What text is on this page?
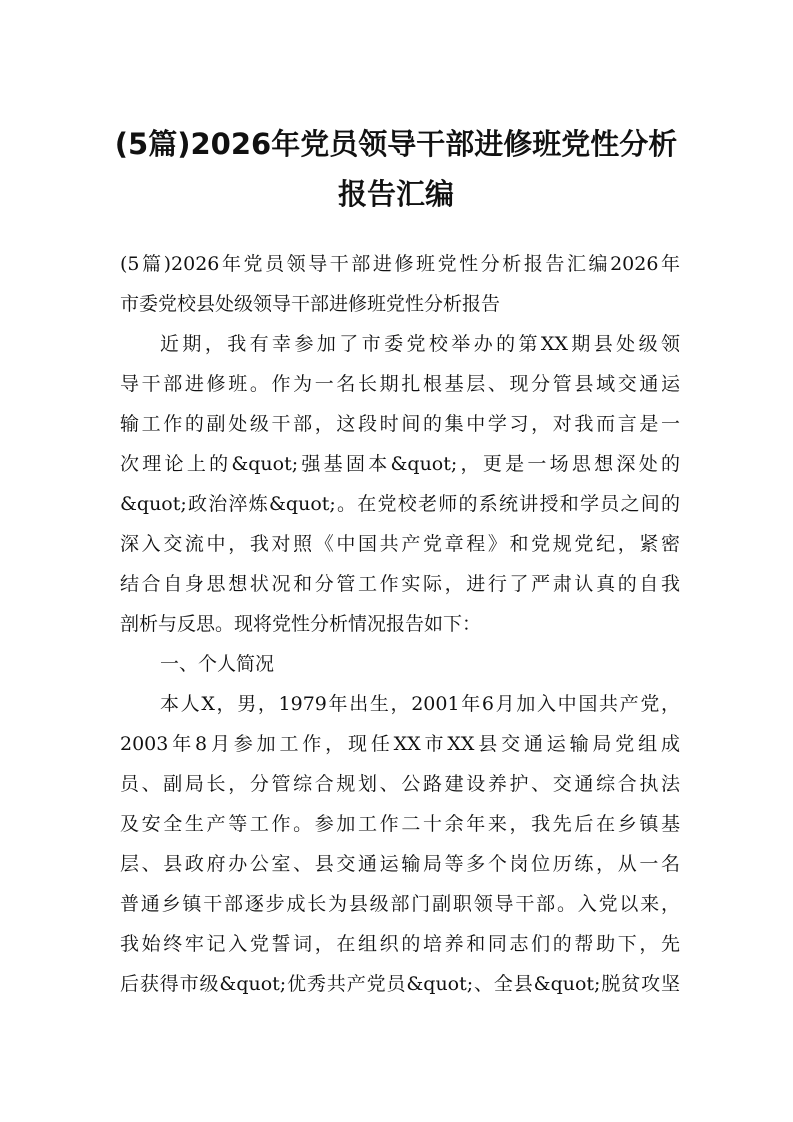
(5篇)2026年党员领导干部进修班党性分析
报告汇编
(5篇)2026年党员领导干部进修班党性分析报告汇编2026年
市委党校县处级领导干部进修班党性分析报告
近期，我有幸参加了市委党校举办的第XX期县处级领
导干部进修班。作为一名长期扎根基层、现分管县域交通运
输工作的副处级干部，这段时间的集中学习，对我而言是一
次理论上的&quot;强基固本&quot;，更是一场思想深处的
&quot;政治淬炼&quot;。在党校老师的系统讲授和学员之间的
深入交流中，我对照《中国共产党章程》和党规党纪，紧密
结合自身思想状况和分管工作实际，进行了严肃认真的自我
剖析与反思。现将党性分析情况报告如下：
一、个人简况
本人X，男，1979年出生，2001年6月加入中国共产党，
2003年8月参加工作，现任XX市XX县交通运输局党组成
员、副局长，分管综合规划、公路建设养护、交通综合执法
及安全生产等工作。参加工作二十余年来，我先后在乡镇基
层、县政府办公室、县交通运输局等多个岗位历练，从一名
普通乡镇干部逐步成长为县级部门副职领导干部。入党以来，
我始终牢记入党誓词，在组织的培养和同志们的帮助下，先
后获得市级&quot;优秀共产党员&quot;、全县&quot;脱贫攻坚
